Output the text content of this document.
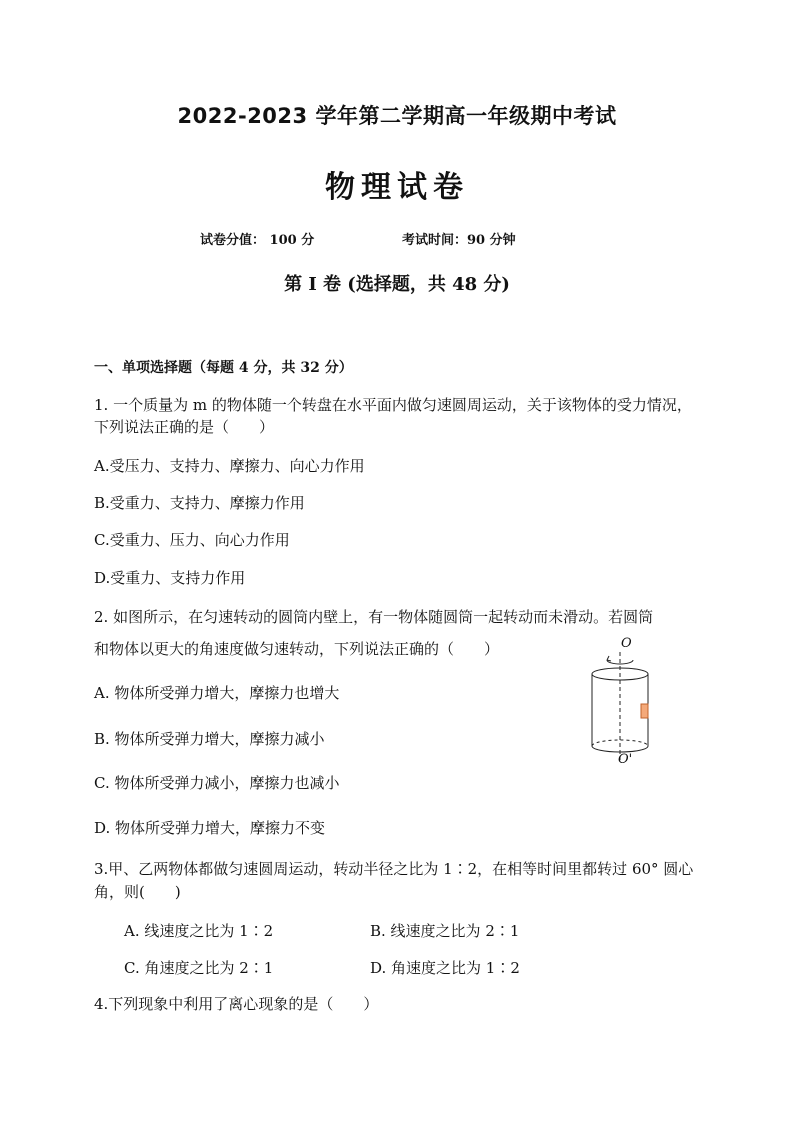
2022-2023 学年第二学期高一年级期中考试
物理试卷
试卷分值： 100 分	考试时间：90 分钟
第 I 卷 (选择题，共 48 分)
一、单项选择题（每题 4 分，共 32 分）
1. 一个质量为 m 的物体随一个转盘在水平面内做匀速圆周运动，关于该物体的受力情况，
下列说法正确的是（　　）
A.受压力、支持力、摩擦力、向心力作用
B.受重力、支持力、摩擦力作用
C.受重力、压力、向心力作用
D.受重力、支持力作用
2. 如图所示，在匀速转动的圆筒内壁上，有一物体随圆筒一起转动而未滑动。若圆筒
和物体以更大的角速度做匀速转动，下列说法正确的（　　）
A. 物体所受弹力增大，摩擦力也增大
B. 物体所受弹力增大，摩擦力减小
C. 物体所受弹力减小，摩擦力也减小
D. 物体所受弹力增大，摩擦力不变
O
O'
3.甲、乙两物体都做匀速圆周运动，转动半径之比为 1∶2，在相等时间里都转过 60° 圆心
角，则(　　)
A. 线速度之比为 1∶2	B. 线速度之比为 2∶1
C. 角速度之比为 2∶1	D. 角速度之比为 1∶2
4.下列现象中利用了离心现象的是（　　）
